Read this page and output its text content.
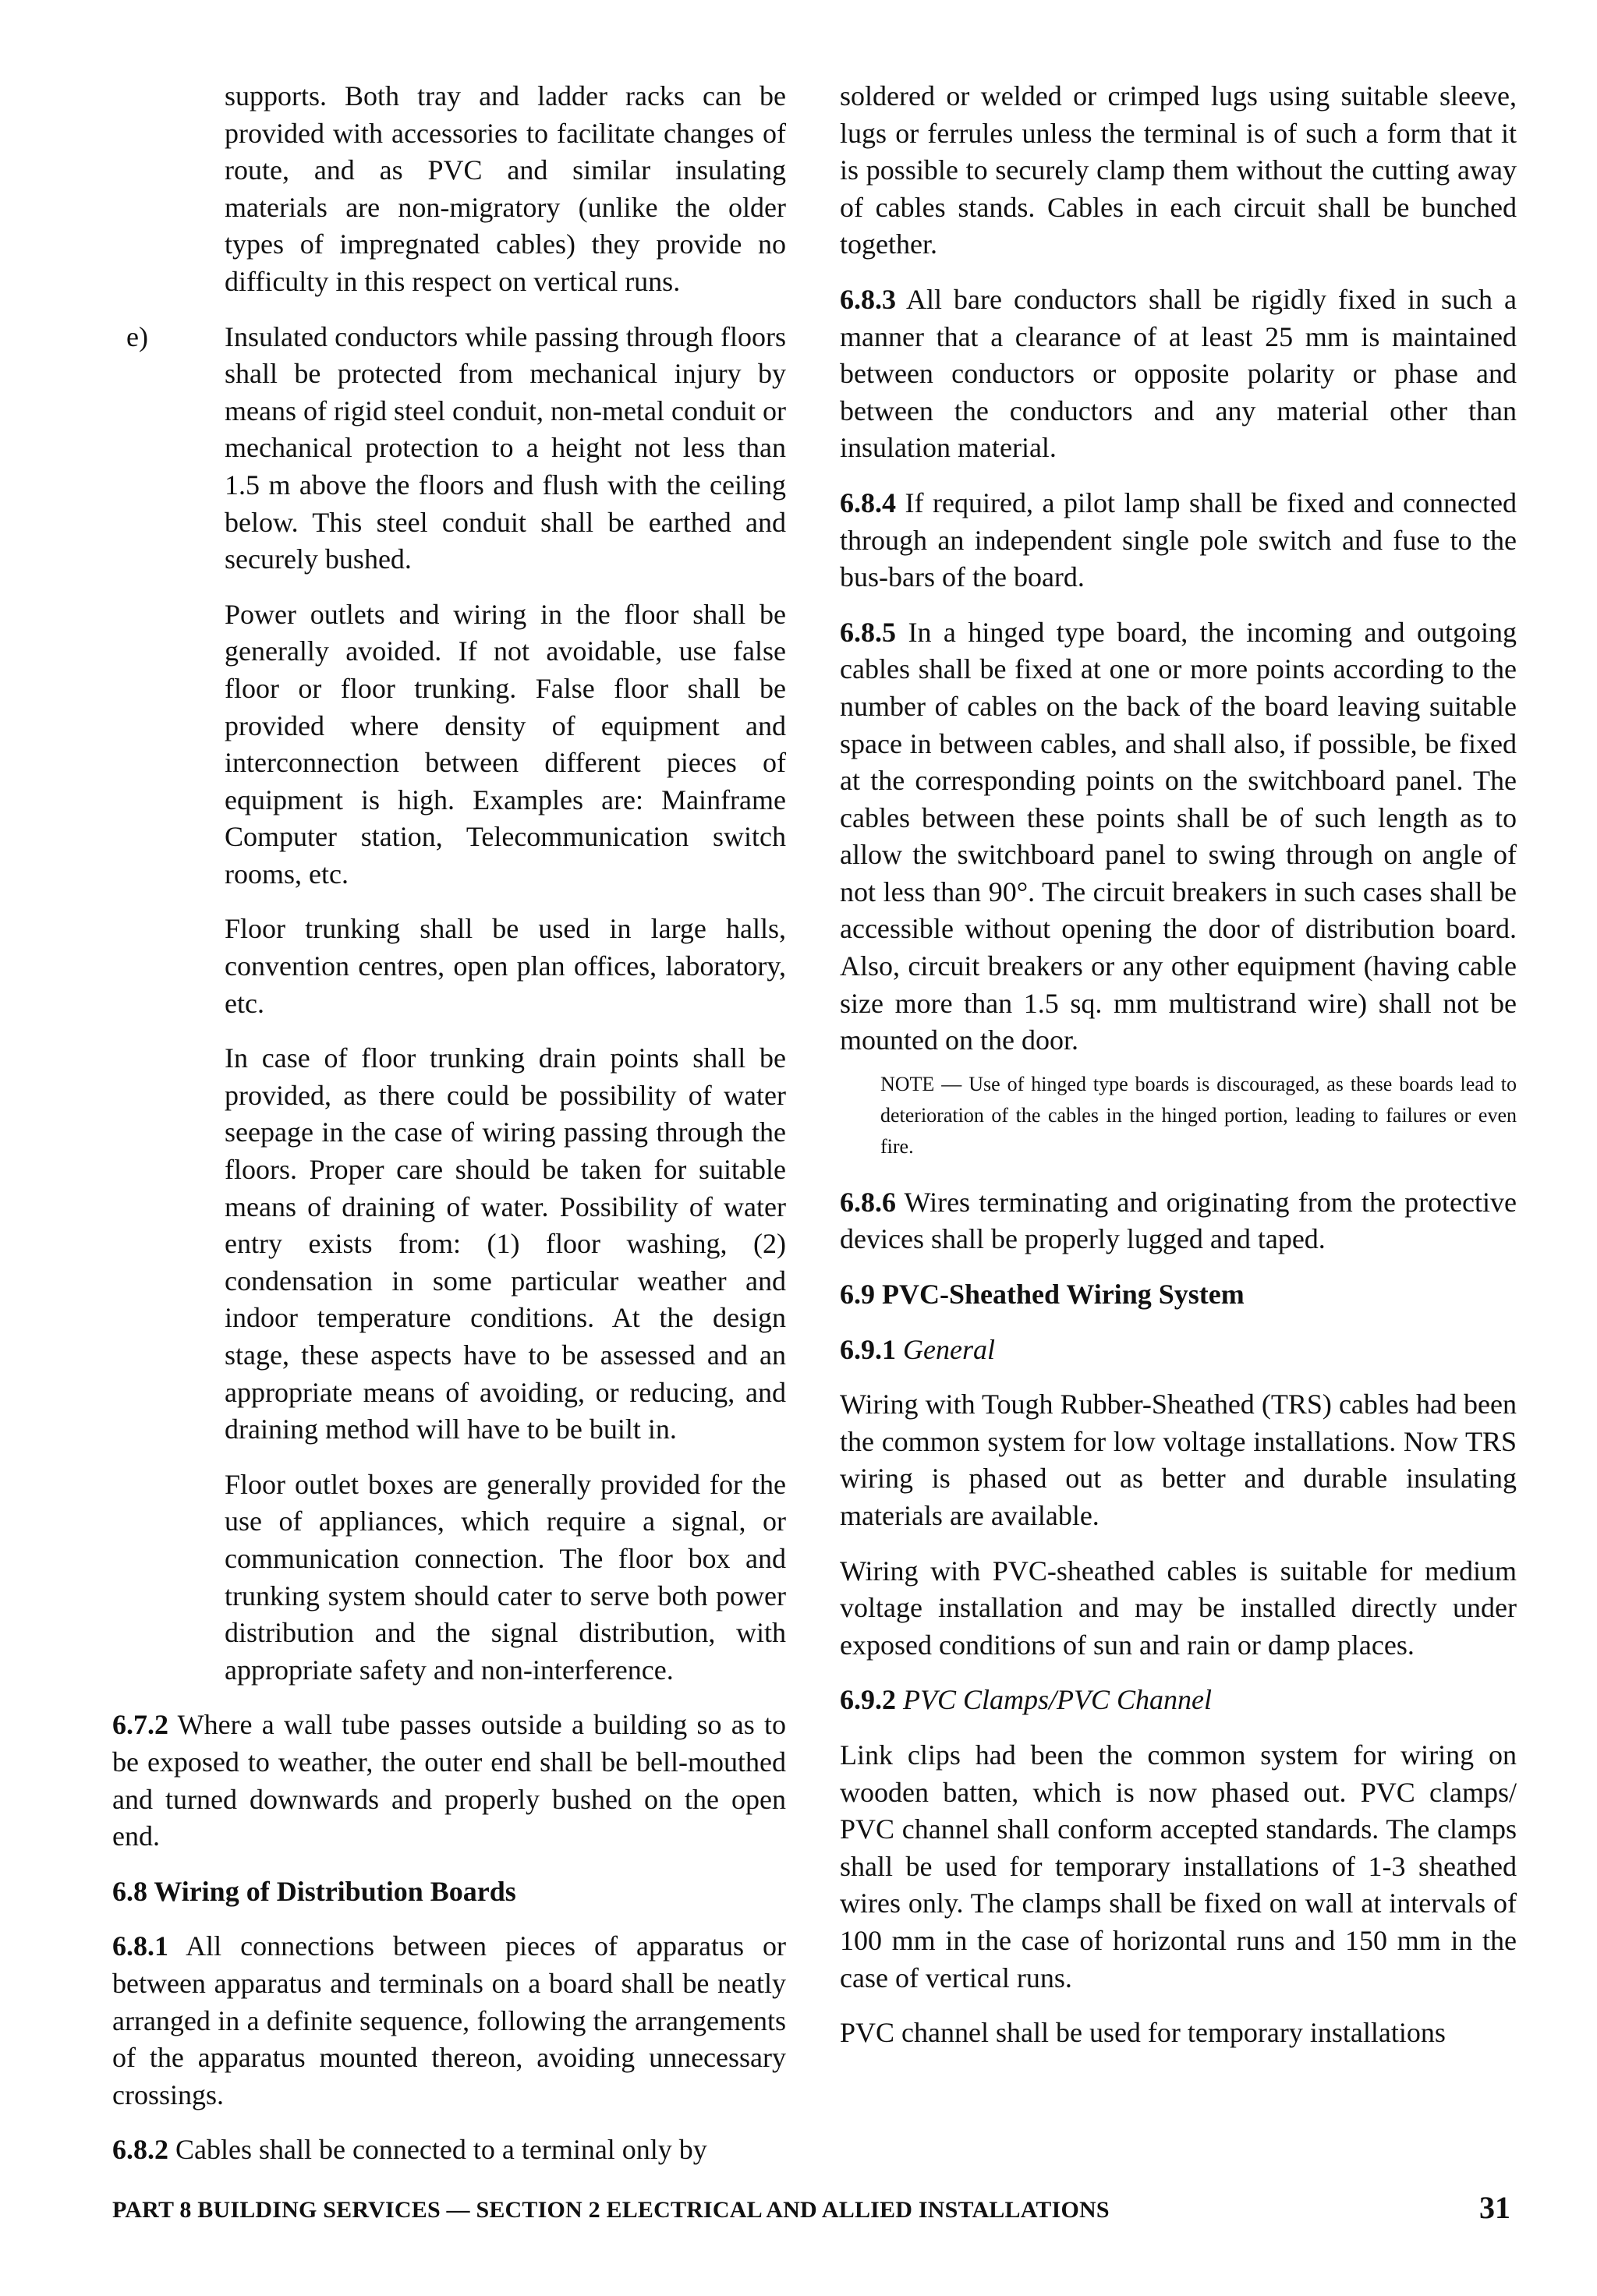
supports. Both tray and ladder racks can be provided with accessories to facilitate changes of route, and as PVC and similar insulating materials are non-migratory (unlike the older types of impregnated cables) they provide no difficulty in this respect on vertical runs.

e)	Insulated conductors while passing through floors shall be protected from mechanical injury by means of rigid steel conduit, non-metal conduit or mechanical protection to a height not less than 1.5 m above the floors and flush with the ceiling below. This steel conduit shall be earthed and securely bushed.

Power outlets and wiring in the floor shall be generally avoided. If not avoidable, use false floor or floor trunking. False floor shall be provided where density of equipment and interconnection between different pieces of equipment is high. Examples are: Mainframe Computer station, Telecommunication switch rooms, etc.

Floor trunking shall be used in large halls, convention centres, open plan offices, laboratory, etc.

In case of floor trunking drain points shall be provided, as there could be possibility of water seepage in the case of wiring passing through the floors. Proper care should be taken for suitable means of draining of water. Possibility of water entry exists from: (1) floor washing, (2) condensation in some particular weather and indoor temperature conditions. At the design stage, these aspects have to be assessed and an appropriate means of avoiding, or reducing, and draining method will have to be built in.

Floor outlet boxes are generally provided for the use of appliances, which require a signal, or communication connection. The floor box and trunking system should cater to serve both power distribution and the signal distribution, with appropriate safety and non-interference.

6.7.2 Where a wall tube passes outside a building so as to be exposed to weather, the outer end shall be bell-mouthed and turned downwards and properly bushed on the open end.

6.8 Wiring of Distribution Boards

6.8.1 All connections between pieces of apparatus or between apparatus and terminals on a board shall be neatly arranged in a definite sequence, following the arrangements of the apparatus mounted thereon, avoiding unnecessary crossings.

6.8.2 Cables shall be connected to a terminal only by

soldered or welded or crimped lugs using suitable sleeve, lugs or ferrules unless the terminal is of such a form that it is possible to securely clamp them without the cutting away of cables stands. Cables in each circuit shall be bunched together.

6.8.3 All bare conductors shall be rigidly fixed in such a manner that a clearance of at least 25 mm is maintained between conductors or opposite polarity or phase and between the conductors and any material other than insulation material.

6.8.4 If required, a pilot lamp shall be fixed and connected through an independent single pole switch and fuse to the bus-bars of the board.

6.8.5 In a hinged type board, the incoming and outgoing cables shall be fixed at one or more points according to the number of cables on the back of the board leaving suitable space in between cables, and shall also, if possible, be fixed at the corresponding points on the switchboard panel. The cables between these points shall be of such length as to allow the switchboard panel to swing through on angle of not less than 90°. The circuit breakers in such cases shall be accessible without opening the door of distribution board. Also, circuit breakers or any other equipment (having cable size more than 1.5 sq. mm multistrand wire) shall not be mounted on the door.

NOTE — Use of hinged type boards is discouraged, as these boards lead to deterioration of the cables in the hinged portion, leading to failures or even fire.

6.8.6 Wires terminating and originating from the protective devices shall be properly lugged and taped.

6.9 PVC-Sheathed Wiring System
6.9.1 General

Wiring with Tough Rubber-Sheathed (TRS) cables had been the common system for low voltage installations. Now TRS wiring is phased out as better and durable insulating materials are available.

Wiring with PVC-sheathed cables is suitable for medium voltage installation and may be installed directly under exposed conditions of sun and rain or damp places.

6.9.2 PVC Clamps/PVC Channel

Link clips had been the common system for wiring on wooden batten, which is now phased out. PVC clamps/ PVC channel shall conform accepted standards. The clamps shall be used for temporary installations of 1-3 sheathed wires only. The clamps shall be fixed on wall at intervals of 100 mm in the case of horizontal runs and 150 mm in the case of vertical runs.

PVC channel shall be used for temporary installations

PART 8 BUILDING SERVICES — SECTION 2 ELECTRICAL AND ALLIED INSTALLATIONS	31
